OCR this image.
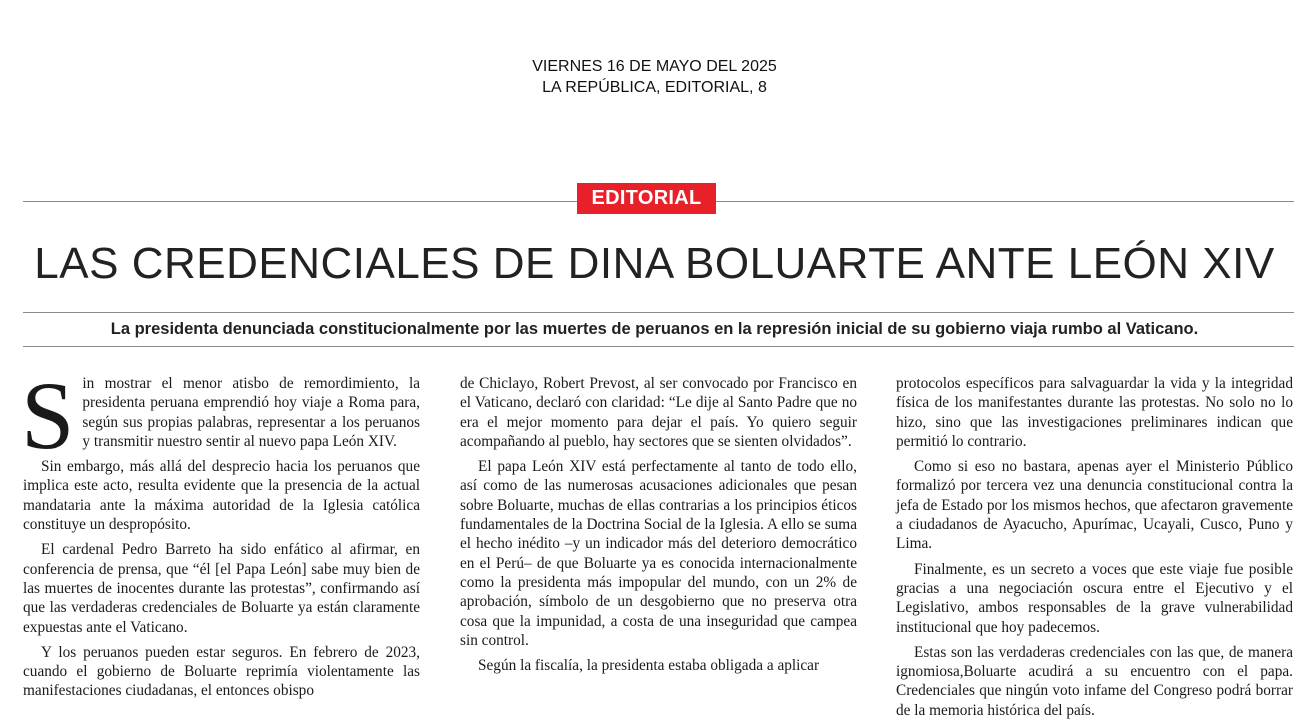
VIERNES 16 DE MAYO DEL 2025
LA REPÚBLICA, EDITORIAL, 8
EDITORIAL
LAS CREDENCIALES DE DINA BOLUARTE ANTE LEÓN XIV
La presidenta denunciada constitucionalmente por las muertes de peruanos en la represión inicial de su gobierno viaja rumbo al Vaticano.

Sin mostrar el menor atisbo de remordimiento, la presidenta peruana emprendió hoy viaje a Roma para, según sus propias palabras, representar a los peruanos y transmitir nuestro sentir al nuevo papa León XIV.

Sin embargo, más allá del desprecio hacia los peruanos que implica este acto, resulta evidente que la presencia de la actual mandataria ante la máxima autoridad de la Iglesia católica constituye un despropósito.

El cardenal Pedro Barreto ha sido enfático al afirmar, en conferencia de prensa, que “él [el Papa León] sabe muy bien de las muertes de inocentes durante las protestas”, confirmando así que las verdaderas credenciales de Boluarte ya están claramente expuestas ante el Vaticano.

Y los peruanos pueden estar seguros. En febrero de 2023, cuando el gobierno de Boluarte reprimía violentamente las manifestaciones ciudadanas, el entonces obispo

de Chiclayo, Robert Prevost, al ser convocado por Francisco en el Vaticano, declaró con claridad: “Le dije al Santo Padre que no era el mejor momento para dejar el país. Yo quiero seguir acompañando al pueblo, hay sectores que se sienten olvidados”.

El papa León XIV está perfectamente al tanto de todo ello, así como de las numerosas acusaciones adicionales que pesan sobre Boluarte, muchas de ellas contrarias a los principios éticos fundamentales de la Doctrina Social de la Iglesia. A ello se suma el hecho inédito –y un indicador más del deterioro democrático en el Perú– de que Boluarte ya es conocida internacionalmente como la presidenta más impopular del mundo, con un 2% de aprobación, símbolo de un desgobierno que no preserva otra cosa que la impunidad, a costa de una inseguridad que campea sin control.

Según la fiscalía, la presidenta estaba obligada a aplicar

protocolos específicos para salvaguardar la vida y la integridad física de los manifestantes durante las protestas. No solo no lo hizo, sino que las investigaciones preliminares indican que permitió lo contrario.

Como si eso no bastara, apenas ayer el Ministerio Público formalizó por tercera vez una denuncia constitucional contra la jefa de Estado por los mismos hechos, que afectaron gravemente a ciudadanos de Ayacucho, Apurímac, Ucayali, Cusco, Puno y Lima.

Finalmente, es un secreto a voces que este viaje fue posible gracias a una negociación oscura entre el Ejecutivo y el Legislativo, ambos responsables de la grave vulnerabilidad institucional que hoy padecemos.

Estas son las verdaderas credenciales con las que, de manera ignomiosa,Boluarte acudirá a su encuentro con el papa. Credenciales que ningún voto infame del Congreso podrá borrar de la memoria histórica del país.
